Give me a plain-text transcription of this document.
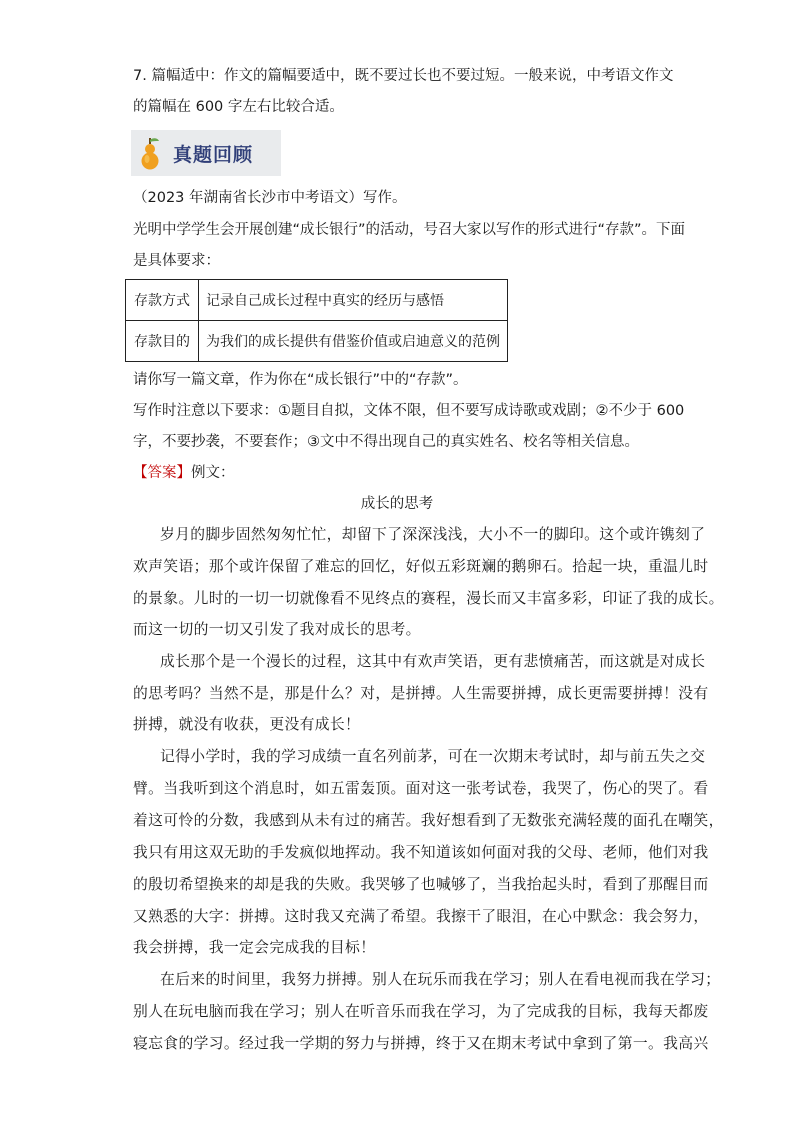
7. 篇幅适中：作文的篇幅要适中，既不要过长也不要过短。一般来说，中考语文作文
的篇幅在 600 字左右比较合适。
真题回顾
（2023 年湖南省长沙市中考语文）写作。
光明中学学生会开展创建“成长银行”的活动，号召大家以写作的形式进行“存款”。下面
是具体要求：
存款方式	记录自己成长过程中真实的经历与感悟
存款目的	为我们的成长提供有借鉴价值或启迪意义的范例
请你写一篇文章，作为你在“成长银行”中的“存款”。
写作时注意以下要求：①题目自拟，文体不限，但不要写成诗歌或戏剧；②不少于 600
字，不要抄袭，不要套作；③文中不得出现自己的真实姓名、校名等相关信息。
【答案】例文：
成长的思考
岁月的脚步固然匆匆忙忙，却留下了深深浅浅，大小不一的脚印。这个或许镌刻了
欢声笑语；那个或许保留了难忘的回忆，好似五彩斑斓的鹅卵石。拾起一块，重温儿时
的景象。儿时的一切一切就像看不见终点的赛程，漫长而又丰富多彩，印证了我的成长。
而这一切的一切又引发了我对成长的思考。
成长那个是一个漫长的过程，这其中有欢声笑语，更有悲愤痛苦，而这就是对成长
的思考吗？当然不是，那是什么？对，是拼搏。人生需要拼搏，成长更需要拼搏！没有
拼搏，就没有收获，更没有成长！
记得小学时，我的学习成绩一直名列前茅，可在一次期末考试时，却与前五失之交
臂。当我听到这个消息时，如五雷轰顶。面对这一张考试卷，我哭了，伤心的哭了。看
着这可怜的分数，我感到从未有过的痛苦。我好想看到了无数张充满轻蔑的面孔在嘲笑，
我只有用这双无助的手发疯似地挥动。我不知道该如何面对我的父母、老师，他们对我
的殷切希望换来的却是我的失败。我哭够了也喊够了，当我抬起头时，看到了那醒目而
又熟悉的大字：拼搏。这时我又充满了希望。我擦干了眼泪，在心中默念：我会努力，
我会拼搏，我一定会完成我的目标！
在后来的时间里，我努力拼搏。别人在玩乐而我在学习；别人在看电视而我在学习；
别人在玩电脑而我在学习；别人在听音乐而我在学习，为了完成我的目标，我每天都废
寝忘食的学习。经过我一学期的努力与拼搏，终于又在期末考试中拿到了第一。我高兴
